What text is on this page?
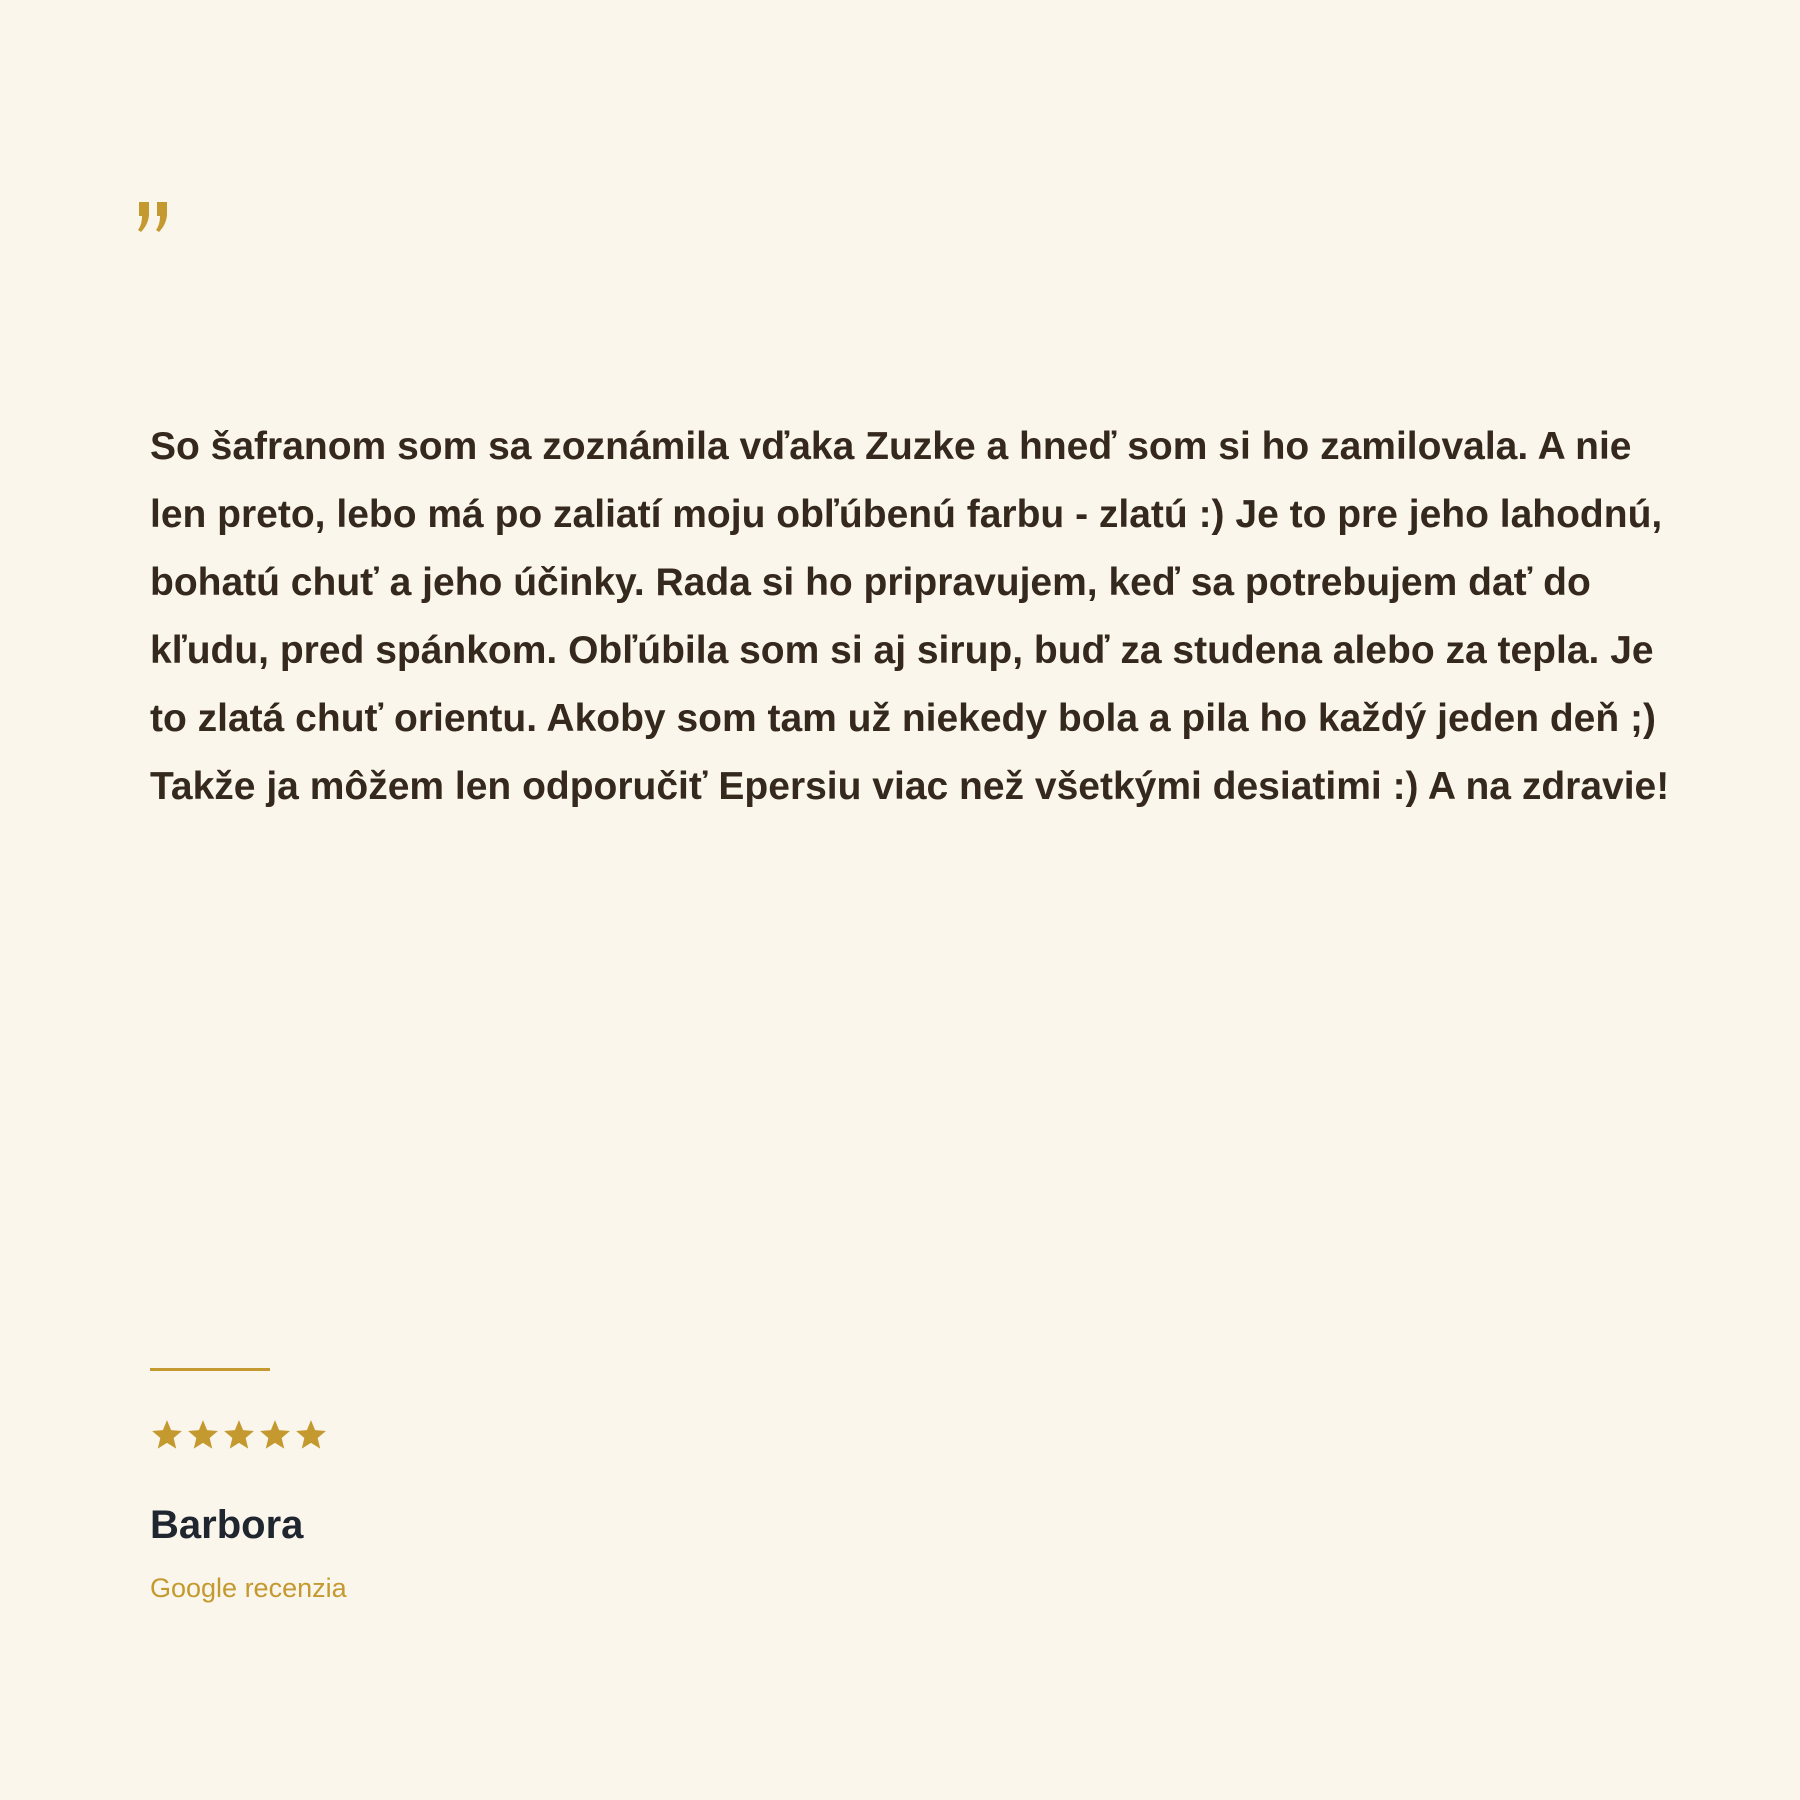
So šafranom som sa zoznámila vďaka Zuzke a hneď som si ho zamilovala. A nie len preto, lebo má po zaliatí moju obľúbenú farbu - zlatú :) Je to pre jeho lahodnú, bohatú chuť a jeho účinky. Rada si ho pripravujem, keď sa potrebujem dať do kľudu, pred spánkom. Obľúbila som si aj sirup, buď za studena alebo za tepla. Je to zlatá chuť orientu. Akoby som tam už niekedy bola a pila ho každý jeden deň ;) Takže ja môžem len odporučiť Epersiu viac než všetkými desiatimi :) A na zdravie!

Barbora

Google recenzia
